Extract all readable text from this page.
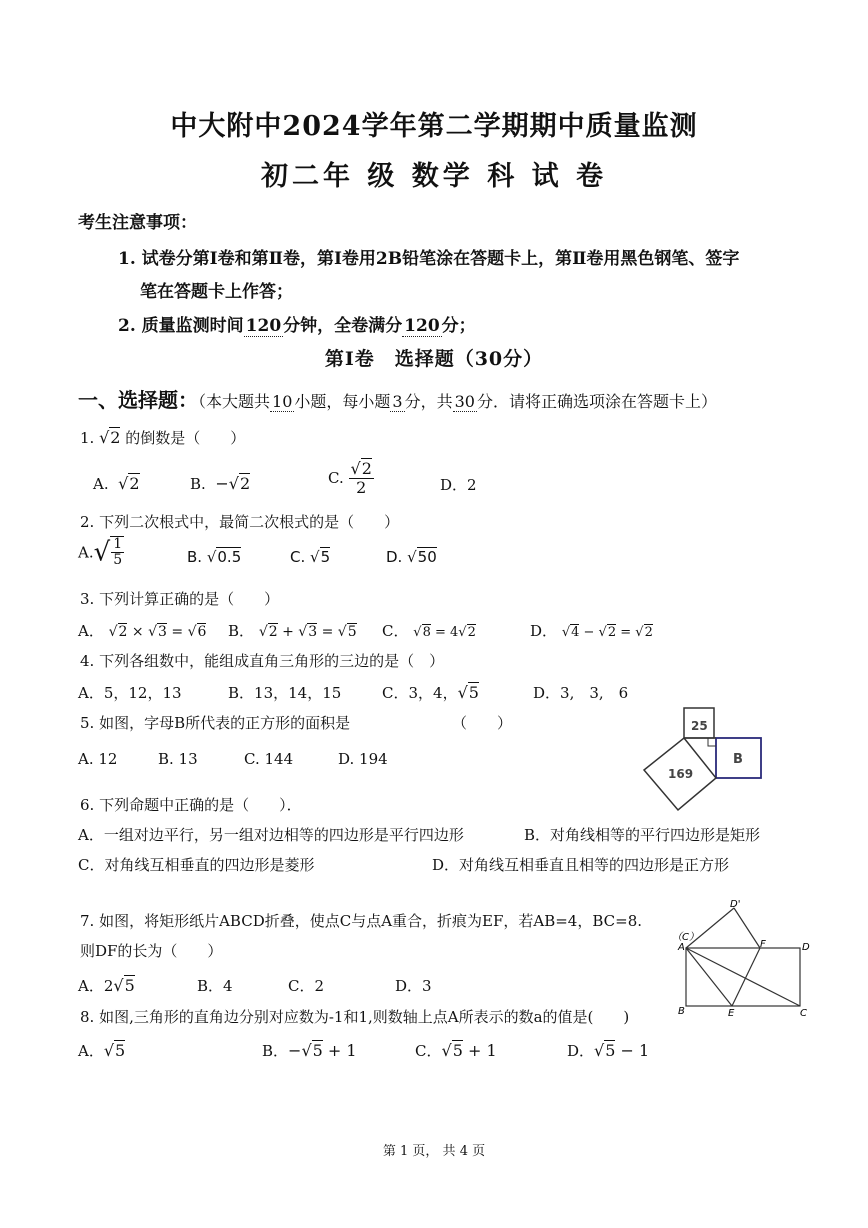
中大附中2024学年第二学期期中质量监测
初二年 级 数学 科 试 卷
考生注意事项：
1. 试卷分第Ⅰ卷和第Ⅱ卷，第Ⅰ卷用2B铅笔涂在答题卡上，第Ⅱ卷用黑色钢笔、签字
笔在答题卡上作答；
2. 质量监测时间 120 分钟，全卷满分 120 分；
第Ⅰ卷　选择题（30分）
一、选择题：（本大题共 10 小题，每小题 3 分，共 30 分．请将正确选项涂在答题卡上）
1. √2 的倒数是（　　）
A. √2	B. −√2	C. $\frac{√2}{2}$	D．2
2. 下列二次根式中，最简二次根式的是（　　）
$A.√ \frac{1}{5}$	B. √0.5	C. √5	D. √50
3. 下列计算正确的是（　　）
A． √2 × √3 = √6 B． √2 + √3 = √5 C． √8 = 4√2	D． √4 − √2 = √2
4. 下列各组数中，能组成直角三角形的三边的是（　）
A．5，12，13	B．13，14，15	C．3，4，√5	D．3,　3,　6
5. 如图，字母B所代表的正方形的面积是	（　　）
A. 12	B. 13	C. 144	D. 194
25
169
B
6. 下列命题中正确的是（　　）．
A．一组对边平行，另一组对边相等的四边形是平行四边形	B．对角线相等的平行四边形是矩形
C．对角线互相垂直的四边形是菱形	D．对角线互相垂直且相等的四边形是正方形
7. 如图，将矩形纸片ABCD折叠，使点C与点A重合，折痕为EF，若AB=4，BC=8.
则DF的长为（　　）
A．2√5	B．4	C．2	D．3
D'
（C）
A	F	D
B	E	C
8. 如图,三角形的直角边分别对应数为-1和1,则数轴上点A所表示的数a的值是(　　)
A．√5	B．−√5 + 1	C．√5 + 1	D．√5 − 1
第 1 页， 共 4 页
